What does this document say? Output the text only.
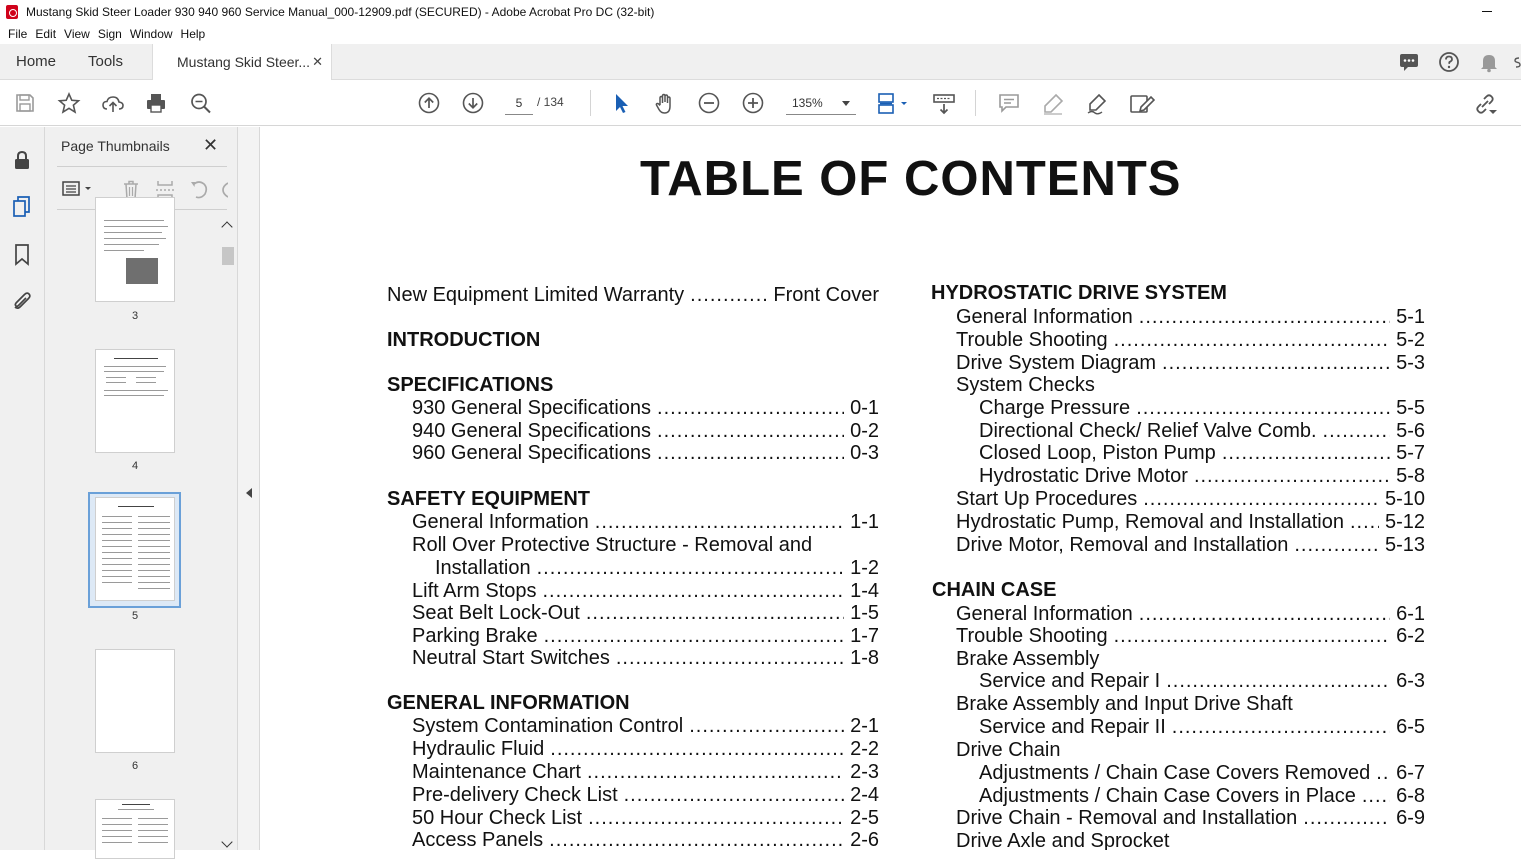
Mustang Skid Steer Loader 930 940 960 Service Manual_000-12909.pdf (SECURED) - Adobe Acrobat Pro DC (32-bit)
File Edit View Sign Window Help
Home Tools	Mustang Skid Steer... ✕
5	/ 134	135%
Page Thumbnails ✕
3
4
5
6
TABLE OF CONTENTS
New Equipment Limited Warranty .....	Front Cover
INTRODUCTION
SPECIFICATIONS
930 General Specifications .....	0-1
940 General Specifications .....	0-2
960 General Specifications .....	0-3
SAFETY EQUIPMENT
General Information .....	1-1
Roll Over Protective Structure - Removal and
Installation .....	1-2
Lift Arm Stops .....	1-4
Seat Belt Lock-Out .....	1-5
Parking Brake .....	1-7
Neutral Start Switches .....	1-8
GENERAL INFORMATION
System Contamination Control .....	2-1
Hydraulic Fluid .....	2-2
Maintenance Chart .....	2-3
Pre-delivery Check List .....	2-4
50 Hour Check List .....	2-5
Access Panels .....	2-6
HYDROSTATIC DRIVE SYSTEM
General Information .....	5-1
Trouble Shooting .....	5-2
Drive System Diagram .....	5-3
System Checks
Charge Pressure .....	5-5
Directional Check/ Relief Valve Comb. .....	5-6
Closed Loop, Piston Pump .....	5-7
Hydrostatic Drive Motor .....	5-8
Start Up Procedures .....	5-10
Hydrostatic Pump, Removal and Installation ..... 5-12
Drive Motor, Removal and Installation .....	5-13
CHAIN CASE
General Information .....	6-1
Trouble Shooting .....	6-2
Brake Assembly
Service and Repair I .....	6-3
Brake Assembly and Input Drive Shaft
Service and Repair II .....	6-5
Drive Chain
Adjustments / Chain Case Covers Removed ..... 6-7
Adjustments / Chain Case Covers in Place ..... 6-8
Drive Chain - Removal and Installation .....	6-9
Drive Axle and Sprocket
